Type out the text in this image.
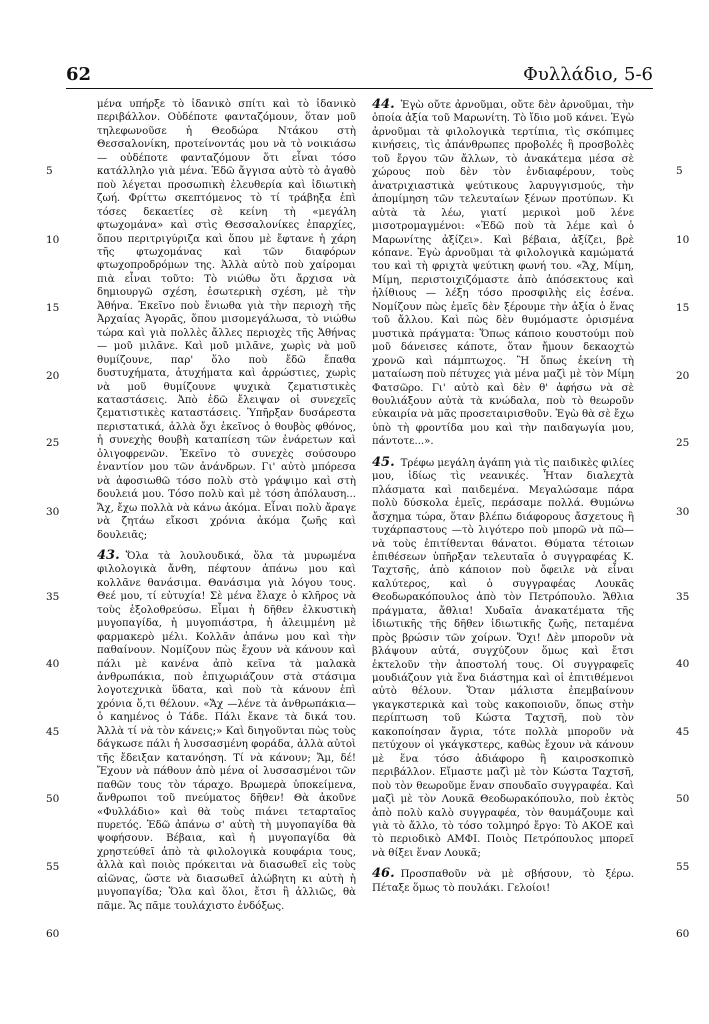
62	Φυλλάδιο, 5-6
5
10
15
20
25
30
35
40
45
50
55
60
5
10
15
20
25
30
35
40
45
50
55
60

μένα υπήρξε τὸ ἰδανικὸ σπίτι καὶ τὸ ἰδανικὸ περιβάλλον. Οὐδέποτε φανταζόμουν, ὅταν μοῦ τηλεφωνοῦσε ἡ Θεοδώρα Ντάκου στὴ Θεσσαλονίκη, προτείνοντάς μου νὰ τὸ νοικιάσω — οὐδέποτε φανταζόμουν ὅτι εἶναι τόσο κατάλληλο γιὰ μένα. Ἐδῶ ἄγγισα αὐτὸ τὸ ἀγαθὸ ποὺ λέγεται προσωπικὴ ἐλευθερία καὶ ἰδιωτικὴ ζωή. Φρίττω σκεπτόμενος τὸ τί τράβηξα ἐπὶ τόσες δεκαετίες σὲ κείνη τὴ «μεγάλη φτωχομάνα» καὶ στὶς Θεσσαλονίκες ἐπαρχίες, ὅπου περιτριγύριζα καὶ ὅπου μὲ ἔφτανε ἡ χάρη τῆς φτωχομάνας καὶ τῶν διαφόρων φτωχοπροδρόμων της. Ἀλλὰ αὐτὸ ποὺ χαίρομαι πιὰ εἶναι τοῦτο: Τὸ νιώθω ὅτι ἄρχισα νὰ δημιουργῶ σχέση, ἐσωτερικὴ σχέση, μὲ τὴν Ἀθήνα. Ἐκεῖνο ποὺ ἔνιωθα γιὰ τὴν περιοχὴ τῆς Ἀρχαίας Ἀγορᾶς, ὅπου μισομεγάλωσα, τὸ νιώθω τώρα καὶ γιὰ πολλὲς ἄλλες περιοχὲς τῆς Ἀθήνας — μοῦ μιλᾶνε. Καὶ μοῦ μιλᾶνε, χωρὶς νὰ μοῦ θυμίζουνε, παρ' ὅλο ποὺ ἔδῶ ἔπαθα δυστυχήματα, ἀτυχήματα καὶ ἀρρώστιες, χωρὶς νὰ μοῦ θυμίζουνε ψυχικὰ ζεματιστικὲς καταστάσεις. Ἀπὸ ἐδῶ ἔλειψαν οἱ συνεχεῖς ζεματιστικὲς καταστάσεις. Ὑπῆρξαν δυσάρεστα περιστατικά, ἀλλὰ ὄχι ἐκεῖνος ὁ θουβὸς φθόνος, ἡ συνεχὴς θουβὴ καταπίεση τῶν ἐνάρετων καὶ ὀλιγοφρενῶν. Ἐκεῖνο τὸ συνεχὲς σούσουρο ἐναντίον μου τῶν ἀνάνδρων. Γι' αὐτὸ μπόρεσα νὰ ἀφοσιωθῶ τόσο πολὺ στὸ γράψιμο καὶ στὴ δουλειά μου. Τόσο πολὺ καὶ μὲ τόση ἀπόλαυση... Ἄχ, ἔχω πολλὰ νὰ κάνω ἀκόμα. Εἶναι πολὺ ἄραγε νὰ ζητάω εἴκοσι χρόνια ἀκόμα ζωῆς καὶ δουλειᾶς;

43. Ὅλα τὰ λουλουδικά, ὅλα τὰ μυρωμένα φιλολογικὰ ἄνθη, πέφτουν ἀπάνω μου καὶ κολλᾶνε θανάσιμα. Θανάσιμα γιὰ λόγου τους. Θεέ μου, τί εὐτυχία! Σὲ μένα ἔλαχε ὁ κλῆρος νὰ τοὺς ἐξολοθρεύσω. Εἶμαι ἡ δῆθεν ἑλκυστικὴ μυγοπαγίδα, ἡ μυγοπιάστρα, ἡ ἀλειμμένη μὲ φαρμακερὸ μέλι. Κολλᾶν ἀπάνω μου καὶ τὴν παθαίνουν. Νομίζουν πὼς ἔχουν νὰ κάνουν καὶ πάλι μὲ κανένα ἀπὸ κεῖνα τὰ μαλακὰ ἀνθρωπάκια, ποὺ ἐπιχωριάζουν στὰ στάσιμα λογοτεχνικὰ ὕδατα, καὶ ποὺ τὰ κάνουν ἐπὶ χρόνια ὅ,τι θέλουν. «Ἄχ —λένε τὰ ἀνθρωπάκια— ὁ καημένος ὁ Τάδε. Πάλι ἔκανε τὰ δικά του. Ἀλλὰ τί νὰ τὸν κάνεις;» Καὶ διηγοῦνται πὼς τοὺς δάγκωσε πάλι ἡ λυσσασμένη φοράδα, ἀλλὰ αὐτοὶ τῆς ἔδειξαν κατανόηση. Τί νὰ κάνουν; Ἄμ, δέ! Ἔχουν νὰ πάθουν ἀπὸ μένα οἱ λυσσασμένοι τῶν παθῶν τους τὸν τάραχο. Βρωμερὰ ὑποκείμενα, ἄνθρωποι τοῦ πνεύματος δῆθεν! Θὰ ἀκοῦνε «Φυλλάδιο» καὶ θὰ τοὺς πιάνει τεταρταῖος πυρετός. Ἐδῶ ἀπάνω σ' αὐτὴ τὴ μυγοπαγίδα θὰ ψοφήσουν. Βέβαια, καὶ ἡ μυγοπαγίδα θὰ χρηστεύθεῖ ἀπὸ τὰ φιλολογικὰ κουφάρια τους, ἀλλὰ καὶ ποιὸς πρόκειται νὰ διασωθεῖ εἰς τοὺς αἰῶνας, ὥστε νὰ διασωθεῖ ἀλώβητη κι αὐτὴ ἡ μυγοπαγίδα; Ὅλα καὶ ὅλοι, ἔτσι ἢ ἀλλιῶς, θὰ πᾶμε. Ἄς πᾶμε τουλάχιστο ἐνδόξως.

44. Ἐγὼ οὔτε ἀρνοῦμαι, οὔτε δὲν ἀρνοῦμαι, τὴν ὁποία ἀξία τοῦ Μαρωνίτη. Τὸ ἴδιο μοῦ κάνει. Ἐγὼ ἀρνοῦμαι τὰ φιλολογικὰ τερτίπια, τὶς σκόπιμες κινήσεις, τὶς ἀπάνθρωπες προβολές ἢ προσβολὲς τοῦ ἔργου τῶν ἄλλων, τὸ ἀνακάτεμα μέσα σὲ χώρους ποὺ δὲν τὸν ἐνδιαφέρουν, τοὺς ἀνατριχιαστικὰ ψεύτικους λαρυγγισμούς, τὴν ἀπομίμηση τῶν τελευταίων ξένων προτύπων. Κι αὐτὰ τὰ λέω, γιατί μερικοὶ μοῦ λένε μισοτρομαγμένοι: «Ἐδῶ ποὺ τὰ λέμε καὶ ὁ Μαρωνίτης ἀξίζει». Καὶ βέβαια, ἀξίζει, βρὲ κόπανε. Ἐγὼ ἀρνοῦμαι τὰ φιλολογικὰ καμώματά του καὶ τὴ φριχτὰ ψεύτικη φωνή του. «Ἄχ, Μίμη, Μίμη, περιστοιχιζόμαστε ἀπὸ ἀπόσεκτους καὶ ἠλίθιους — λέξη τόσο προσφιλὴς εἰς ἐσένα. Νομίζουν πὼς ἐμεῖς δὲν ξέρουμε τὴν ἀξία ὁ ἕνας τοῦ ἄλλου. Καὶ πὼς δὲν θυμόμαστε ὁρισμένα μυστικὰ πράγματα: Ὅπως κάποιο κουστούμι ποὺ μοῦ δάνεισες κάποτε, ὅταν ἤμουν δεκαοχτὼ χρονῶ καὶ πάμπτωχος. Ἢ ὅπως ἐκείνη τὴ ματαίωση ποὺ πέτυχες γιὰ μένα μαζὶ μὲ τὸν Μίμη Φατσῶρο. Γι' αὐτὸ καὶ δὲν θ' ἀφήσω νὰ σὲ θουλιάξουν αὐτὰ τὰ κνώδαλα, ποὺ τὸ θεωροῦν εὐκαιρία νὰ μᾶς προσεταιρισθοῦν. Ἐγὼ θὰ σὲ ἔχω ὑπὸ τὴ φροντίδα μου καὶ τὴν παιδαγωγία μου, πάντοτε...».

45. Τρέφω μεγάλη ἀγάπη γιὰ τὶς παιδικὲς φιλίες μου, ἰδίως τὶς νεανικές. Ἦταν διαλεχτὰ πλάσματα καὶ παιδεμένα. Μεγαλώσαμε πάρα πολὺ δύσκολα ἐμεῖς, περάσαμε πολλά. Θυμώνω ἄσχημα τώρα, ὅταν βλέπω διάφορους ἄσχετους ἢ τυχάρπαστους —τὸ λιγότερο ποὺ μπορῶ νὰ πῶ— νὰ τοὺς ἐπιτίθενται θάνατοι. Θύματα τέτοιων ἐπιθέσεων ὑπῆρξαν τελευταῖα ὁ συγγραφέας Κ. Ταχτσῆς, ἀπὸ κάποιον ποὺ ὄφειλε νὰ εἶναι καλύτερος, καὶ ὁ συγγραφέας Λουκᾶς Θεοδωρακόπουλος ἀπὸ τὸν Πετρόπουλο. Ἄθλια πράγματα, ἄθλια! Χυδαῖα ἀνακατέματα τῆς ἰδιωτικῆς τῆς δῆθεν ἰδιωτικῆς ζωῆς, πεταμένα πρὸς βρώσιν τῶν χοίρων. Ὄχι! Δὲν μποροῦν νὰ βλάψουν αὐτά, συγχύζουν ὅμως καὶ ἔτσι ἐκτελοῦν τὴν ἀποστολή τους. Οἱ συγγραφεῖς μουδιάζουν γιὰ ἕνα διάστημα καὶ οἱ ἐπιτιθέμενοι αὐτὸ θέλουν. Ὅταν μάλιστα ἐπεμβαίνουν γκαγκστερικὰ καὶ τοὺς κακοποιοῦν, ὅπως στὴν περίπτωση τοῦ Κώστα Ταχτσῆ, ποὺ τὸν κακοποίησαν ἄγρια, τότε πολλὰ μποροῦν νὰ πετύχουν οἱ γκάγκστερς, καθὼς ἔχουν νὰ κάνουν μὲ ἕνα τόσο ἀδιάφορο ἢ καιροσκοπικὸ περιβάλλον. Εἴμαστε μαζὶ μὲ τὸν Κώστα Ταχτσῆ, ποὺ τὸν θεωροῦμε ἕναν σπουδαῖο συγγραφέα. Καὶ μαζὶ μὲ τὸν Λουκᾶ Θεοδωρακόπουλο, ποὺ ἐκτὸς ἀπὸ πολὺ καλὸ συγγραφέα, τὸν θαυμάζουμε καὶ γιὰ τὸ ἄλλο, τὸ τόσο τολμηρό ἔργο: Τὸ ΑΚΟΕ καὶ τὸ περιοδικὸ ΑΜΦΙ. Ποιὸς Πετρόπουλος μπορεῖ νὰ θίξει ἕναν Λουκᾶ;

46. Προσπαθοῦν νὰ μὲ σβήσουν, τὸ ξέρω. Πέταξε ὅμως τὸ πουλάκι. Γελοίοι!
